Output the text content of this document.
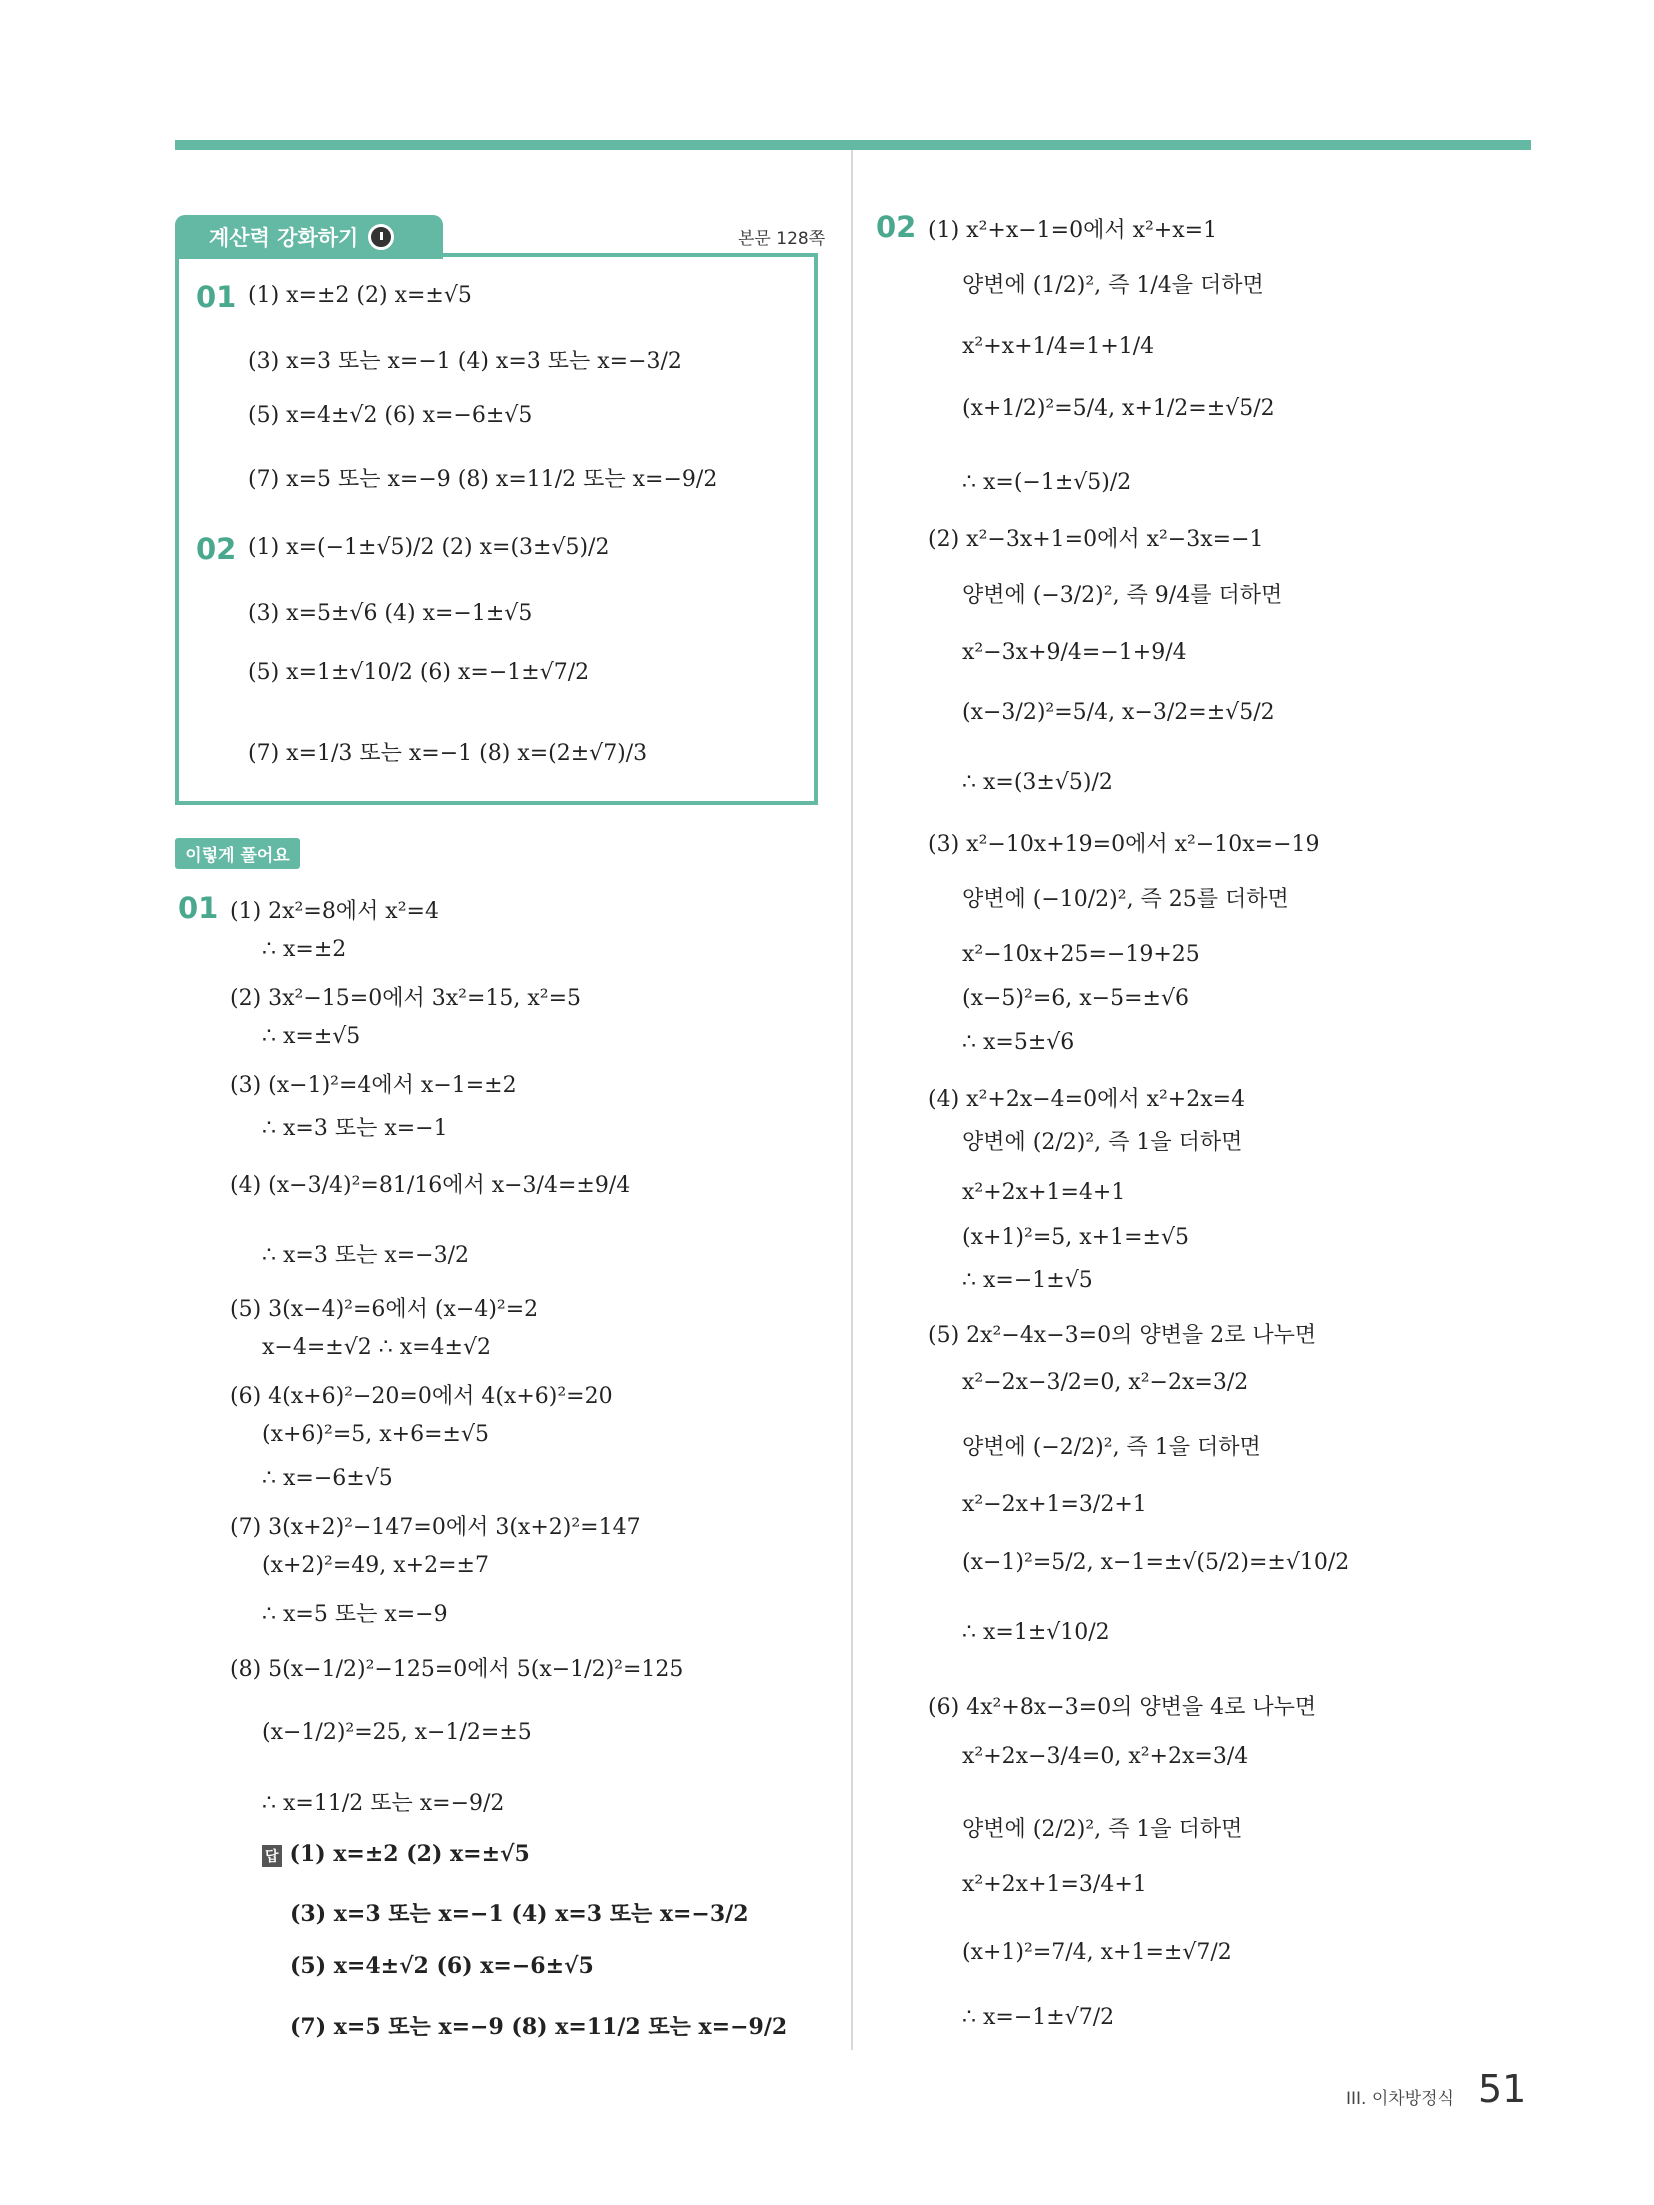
계산력 강화하기	본문 128쪽
01 (1) x=±2 (2) x=±√5
(3) x=3 또는 x=−1 (4) x=3 또는 x=−3/2
(5) x=4±√2 (6) x=−6±√5
(7) x=5 또는 x=−9 (8) x=11/2 또는 x=−9/2
02 (1) x=(−1±√5)/2 (2) x=(3±√5)/2
(3) x=5±√6 (4) x=−1±√5
(5) x=1±√10/2 (6) x=−1±√7/2
(7) x=1/3 또는 x=−1 (8) x=(2±√7)/3
이렇게 풀어요
01 (1) 2x²=8에서 x²=4
∴ x=±2
(2) 3x²−15=0에서 3x²=15, x²=5
∴ x=±√5
(3) (x−1)²=4에서 x−1=±2
∴ x=3 또는 x=−1
(4) (x−3/4)²=81/16에서 x−3/4=±9/4
∴ x=3 또는 x=−3/2
(5) 3(x−4)²=6에서 (x−4)²=2
x−4=±√2 ∴ x=4±√2
(6) 4(x+6)²−20=0에서 4(x+6)²=20
(x+6)²=5, x+6=±√5
∴ x=−6±√5
(7) 3(x+2)²−147=0에서 3(x+2)²=147
(x+2)²=49, x+2=±7
∴ x=5 또는 x=−9
(8) 5(x−1/2)²−125=0에서 5(x−1/2)²=125
(x−1/2)²=25, x−1/2=±5
∴ x=11/2 또는 x=−9/2
답 (1) x=±2 (2) x=±√5
(3) x=3 또는 x=−1 (4) x=3 또는 x=−3/2
(5) x=4±√2 (6) x=−6±√5
(7) x=5 또는 x=−9 (8) x=11/2 또는 x=−9/2
02 (1) x²+x−1=0에서 x²+x=1
양변에 (1/2)², 즉 1/4을 더하면
x²+x+1/4=1+1/4
(x+1/2)²=5/4, x+1/2=±√5/2
∴ x=(−1±√5)/2
(2) x²−3x+1=0에서 x²−3x=−1
양변에 (−3/2)², 즉 9/4를 더하면
x²−3x+9/4=−1+9/4
(x−3/2)²=5/4, x−3/2=±√5/2
∴ x=(3±√5)/2
(3) x²−10x+19=0에서 x²−10x=−19
양변에 (−10/2)², 즉 25를 더하면
x²−10x+25=−19+25
(x−5)²=6, x−5=±√6
∴ x=5±√6
(4) x²+2x−4=0에서 x²+2x=4
양변에 (2/2)², 즉 1을 더하면
x²+2x+1=4+1
(x+1)²=5, x+1=±√5
∴ x=−1±√5
(5) 2x²−4x−3=0의 양변을 2로 나누면
x²−2x−3/2=0, x²−2x=3/2
양변에 (−2/2)², 즉 1을 더하면
x²−2x+1=3/2+1
(x−1)²=5/2, x−1=±√(5/2)=±√10/2
∴ x=1±√10/2
(6) 4x²+8x−3=0의 양변을 4로 나누면
x²+2x−3/4=0, x²+2x=3/4
양변에 (2/2)², 즉 1을 더하면
x²+2x+1=3/4+1
(x+1)²=7/4, x+1=±√7/2
∴ x=−1±√7/2
III. 이차방정식 51
